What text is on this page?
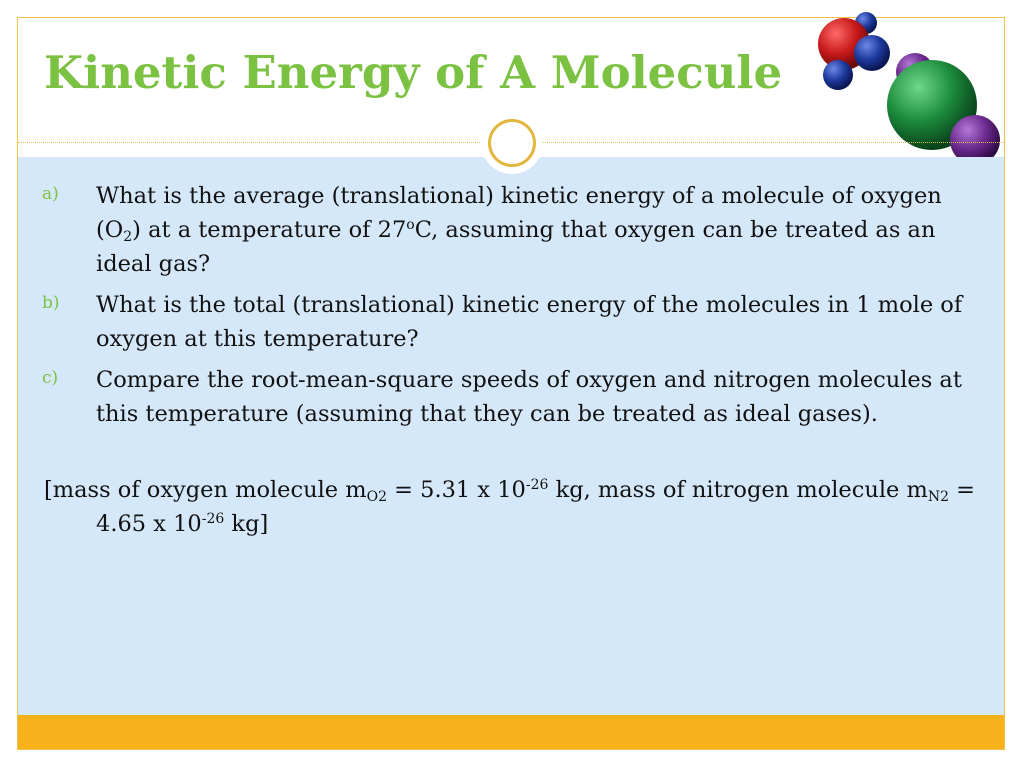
Kinetic Energy of A Molecule
a) What is the average (translational) kinetic energy of a molecule of oxygen $(O_2)$ at a temperature of 27$^o$C, assuming that oxygen can be treated as an ideal gas?
b) What is the total (translational) kinetic energy of the molecules in 1 mole of oxygen at this temperature?
c) Compare the root-mean-square speeds of oxygen and nitrogen molecules at this temperature (assuming that they can be treated as ideal gases).
[mass of oxygen molecule $m_{O2} = 5.31$ x $10^{-26}$ kg, mass of nitrogen molecule $m_{N2} = 4.65$ x $10^{-26}$ kg]
